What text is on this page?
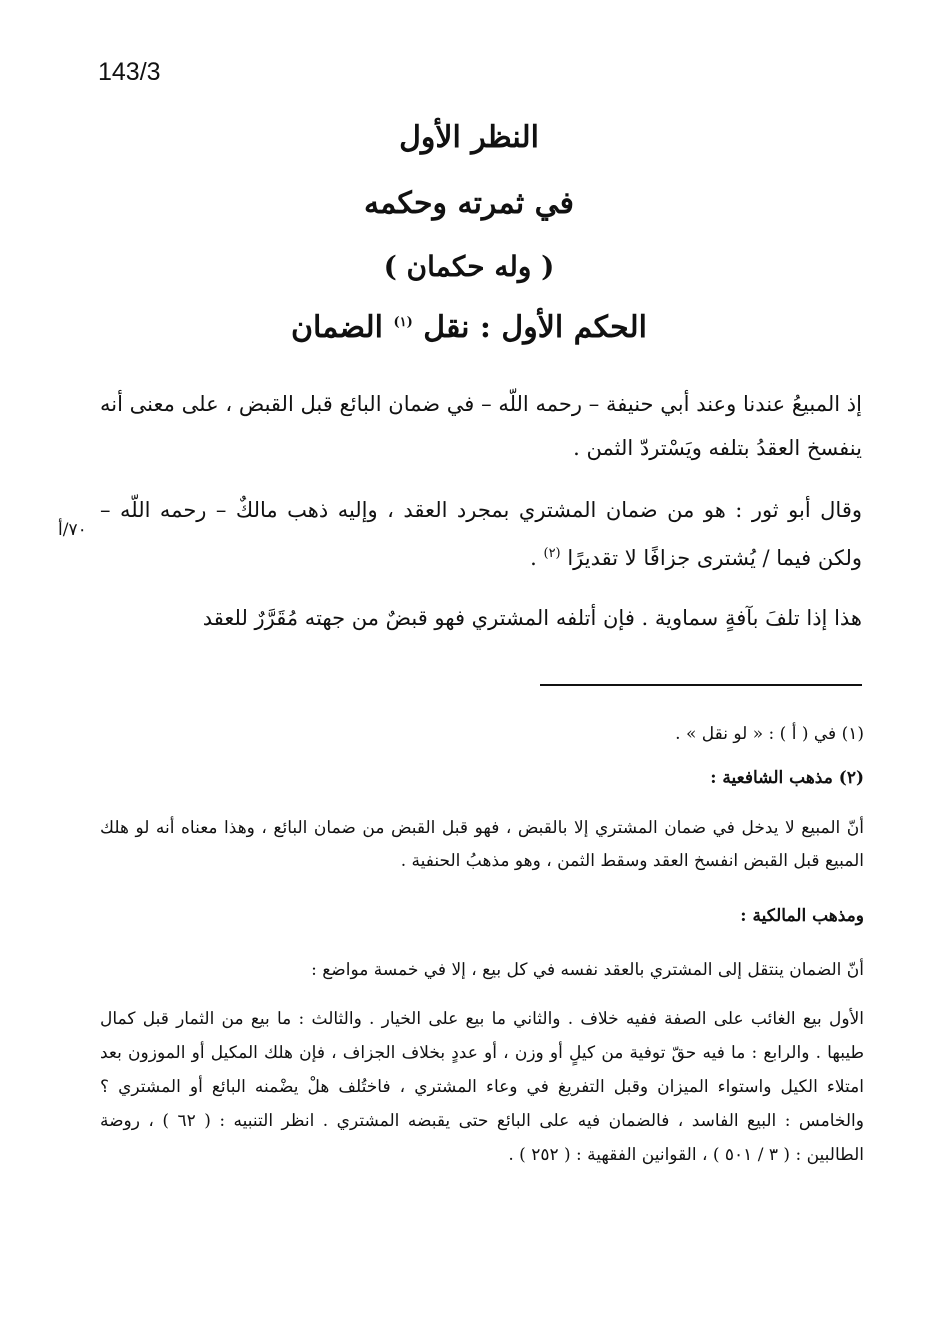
143/3
٧٠/أ
النظر الأول
في ثمرته وحكمه
( وله حكمان )
الحكم الأول : نقل $^{(١)}$ الضمان

إذ المبيعُ عندنا وعند أبي حنيفة – رحمه اللّه – في ضمان البائع قبل القبض ، على معنى أنه ينفسخ العقدُ بتلفه ويَسْتردّ الثمن .

وقال أبو ثور : هو من ضمان المشتري بمجرد العقد ، وإليه ذهب مالكٌ – رحمه اللّه – ولكن فيما / يُشترى جزافًا لا تقديرًا $^{(٢)}$ .

هذا إذا تلفَ بآفةٍ سماوية . فإن أتلفه المشتري فهو قبضٌ من جهته مُقَرَّرٌ للعقد

(١) في ( أ ) : « لو نقل » .

(٢) مذهب الشافعية :

أنّ المبيع لا يدخل في ضمان المشتري إلا بالقبض ، فهو قبل القبض من ضمان البائع ، وهذا معناه أنه لو هلك المبيع قبل القبض انفسخ العقد وسقط الثمن ، وهو مذهبُ الحنفية .

ومذهب المالكية :

أنّ الضمان ينتقل إلى المشتري بالعقد نفسه في كل بيع ، إلا في خمسة مواضع :

الأول بيع الغائب على الصفة ففيه خلاف . والثاني ما بيع على الخيار . والثالث : ما بيع من الثمار قبل كمال طيبها . والرابع : ما فيه حقّ توفية من كيلٍ أو وزن ، أو عددٍ بخلاف الجزاف ، فإن هلك المكيل أو الموزون بعد امتلاء الكيل واستواء الميزان وقبل التفريغ في وعاء المشتري ، فاختُلف هلْ يضْمنه البائع أو المشتري ؟ والخامس : البيع الفاسد ، فالضمان فيه على البائع حتى يقبضه المشتري . انظر التنبيه : ( ٦٢ ) ، روضة الطالبين : ( ٣ / ٥٠١ ) ، القوانين الفقهية : ( ٢٥٢ ) .
